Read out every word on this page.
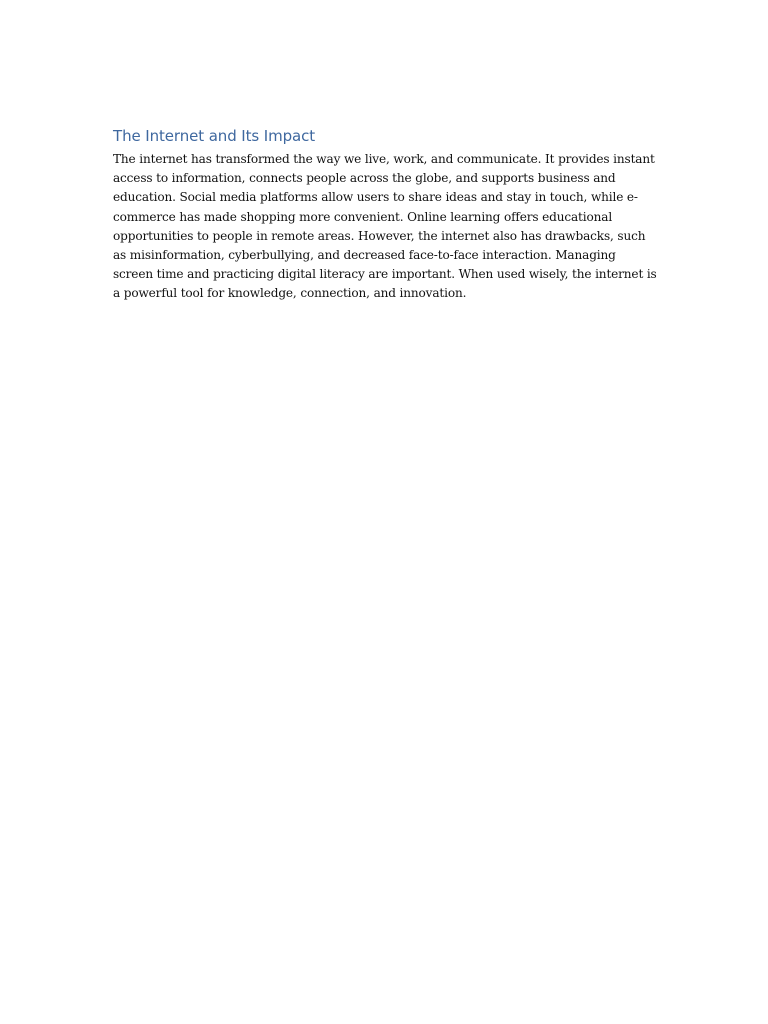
The Internet and Its Impact

The internet has transformed the way we live, work, and communicate. It provides instant access to information, connects people across the globe, and supports business and education. Social media platforms allow users to share ideas and stay in touch, while e-commerce has made shopping more convenient. Online learning offers educational opportunities to people in remote areas. However, the internet also has drawbacks, such as misinformation, cyberbullying, and decreased face-to-face interaction. Managing screen time and practicing digital literacy are important. When used wisely, the internet is a powerful tool for knowledge, connection, and innovation.
